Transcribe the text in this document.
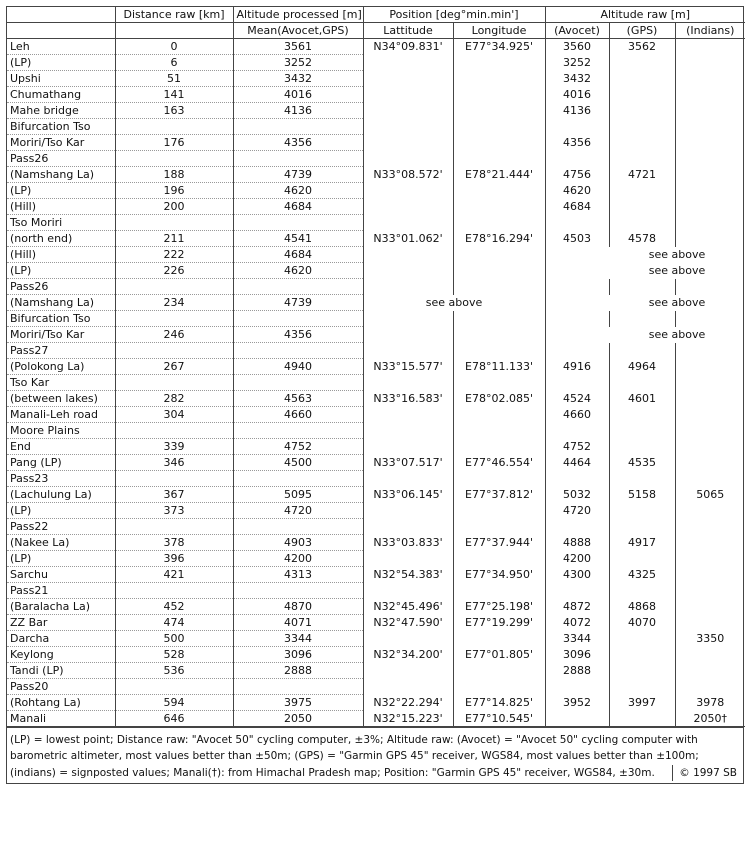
	Distance raw [km]	Altitude processed [m]	Position [deg°min.min']		Altitude raw [m]		
		Mean(Avocet,GPS)	Lattitude	Longitude	(Avocet)	(GPS)	(Indians)
Leh	0	3561	N34°09.831'	E77°34.925'	3560	3562	
(LP)	6	3252			3252		
Upshi	51	3432			3432		
Chumathang	141	4016			4016		
Mahe bridge	163	4136			4136		
Bifurcation Tso							
Moriri/Tso Kar	176	4356			4356		
Pass26							
(Namshang La)	188	4739	N33°08.572'	E78°21.444'	4756	4721	
(LP)	196	4620			4620		
(Hill)	200	4684			4684		
Tso Moriri							
(north end)	211	4541	N33°01.062'	E78°16.294'	4503	4578	
(Hill)	222	4684				see above	
(LP)	226	4620				see above	
Pass26							
(Namshang La)	234	4739	see above			see above	
Bifurcation Tso							
Moriri/Tso Kar	246	4356				see above	
Pass27							
(Polokong La)	267	4940	N33°15.577'	E78°11.133'	4916	4964	
Tso Kar							
(between lakes)	282	4563	N33°16.583'	E78°02.085'	4524	4601	
Manali-Leh road	304	4660			4660		
Moore Plains							
End	339	4752			4752		
Pang (LP)	346	4500	N33°07.517'	E77°46.554'	4464	4535	
Pass23							
(Lachulung La)	367	5095	N33°06.145'	E77°37.812'	5032	5158	5065
(LP)	373	4720			4720		
Pass22							
(Nakee La)	378	4903	N33°03.833'	E77°37.944'	4888	4917	
(LP)	396	4200			4200		
Sarchu	421	4313	N32°54.383'	E77°34.950'	4300	4325	
Pass21							
(Baralacha La)	452	4870	N32°45.496'	E77°25.198'	4872	4868	
ZZ Bar	474	4071	N32°47.590'	E77°19.299'	4072	4070	
Darcha	500	3344			3344		3350
Keylong	528	3096	N32°34.200'	E77°01.805'	3096		
Tandi (LP)	536	2888			2888		
Pass20							
(Rohtang La)	594	3975	N32°22.294'	E77°14.825'	3952	3997	3978
Manali	646	2050	N32°15.223'	E77°10.545'			2050†
(LP) = lowest point; Distance raw: "Avocet 50" cycling computer, ±3%; Altitude raw: (Avocet) = "Avocet 50" cycling computer with barometric altimeter, most values better than ±50m; (GPS) = "Garmin GPS 45" receiver, WGS84, most values better than ±100m; (indians) = signposted values; Manali(†): from Himachal Pradesh map; Position: "Garmin GPS 45" receiver, WGS84, ±30m.	© 1997 SB
